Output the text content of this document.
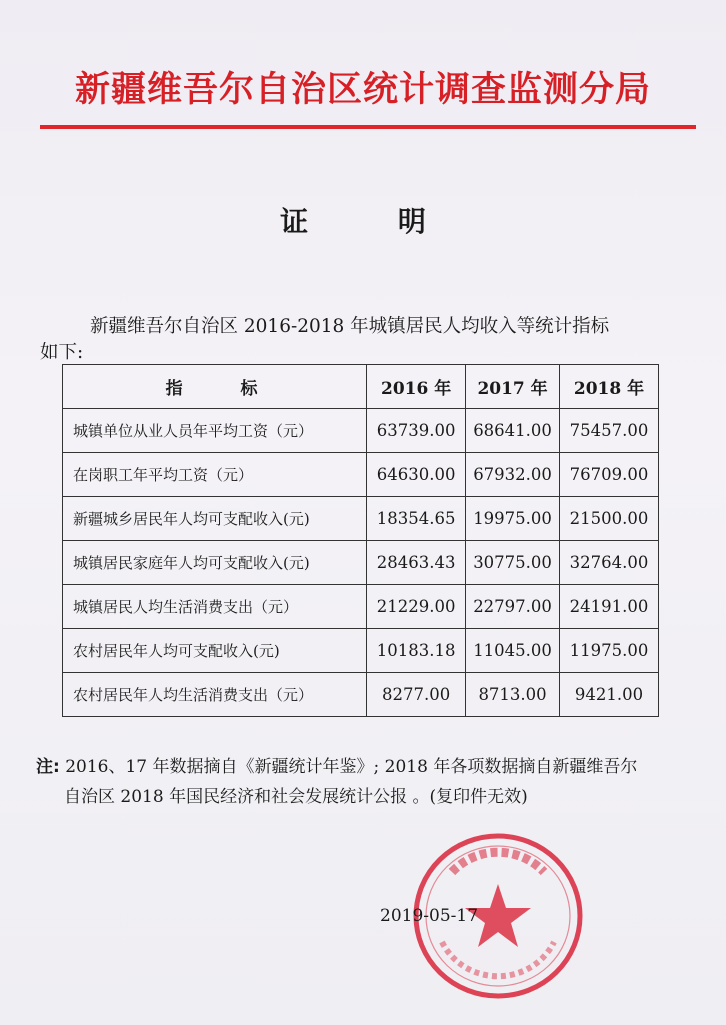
新疆维吾尔自治区统计调查监测分局
证 明
新疆维吾尔自治区 2016-2018 年城镇居民人均收入等统计指标
如下:
指 标	2016 年	2017 年	2018 年
城镇单位从业人员年平均工资（元）	63739.00	68641.00	75457.00
在岗职工年平均工资（元）	64630.00	67932.00	76709.00
新疆城乡居民年人均可支配收入(元)	18354.65	19975.00	21500.00
城镇居民家庭年人均可支配收入(元)	28463.43	30775.00	32764.00
城镇居民人均生活消费支出（元）	21229.00	22797.00	24191.00
农村居民年人均可支配收入(元)	10183.18	11045.00	11975.00
农村居民年人均生活消费支出（元）	8277.00	8713.00	9421.00
注: 2016、17 年数据摘自《新疆统计年鉴》; 2018 年各项数据摘自新疆维吾尔
自治区 2018 年国民经济和社会发展统计公报 。(复印件无效)
2019-05-17
